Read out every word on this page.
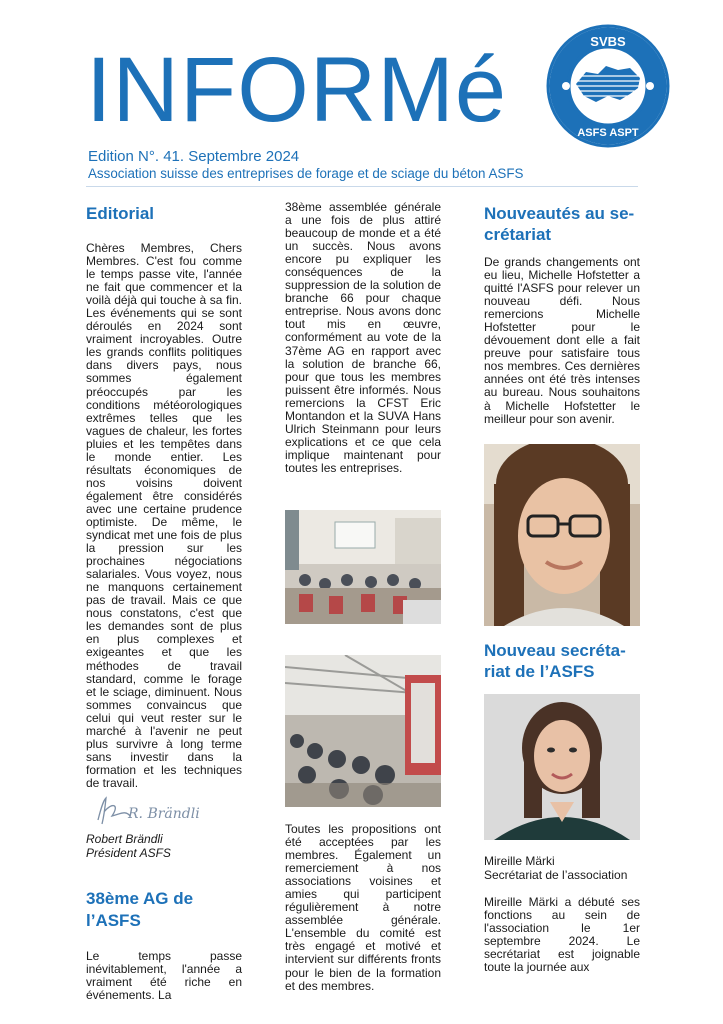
INFORMé	SVBS
ASFS ASPT
Edition N°. 41. Septembre 2024
Association suisse des entreprises de forage et de sciage du béton ASFS
Editorial

Chères Membres, Chers Membres. C'est fou comme le temps passe vite, l'année ne fait que commencer et la voilà déjà qui touche à sa fin. Les événements qui se sont déroulés en 2024 sont vraiment incroyables. Outre les grands conflits politiques dans divers pays, nous sommes également préoccupés par les conditions météorologiques extrêmes telles que les vagues de chaleur, les fortes pluies et les tempêtes dans le monde entier. Les résultats économiques de nos voisins doivent également être considérés avec une certaine prudence optimiste. De même, le syndicat met une fois de plus la pression sur les prochaines négociations salariales. Vous voyez, nous ne manquons certainement pas de travail. Mais ce que nous constatons, c'est que les demandes sont de plus en plus complexes et exigeantes et que les méthodes de travail standard, comme le forage et le sciage, diminuent. Nous sommes convaincus que celui qui veut rester sur le marché à l'avenir ne peut plus survivre à long terme sans investir dans la formation et les techniques de travail.

R. Brändli
Robert Brändli
Président ASFS
38ème AG de
l’ASFS

Le temps passe inévitablement, l'année a vraiment été riche en événements. La

38ème assemblée générale a une fois de plus attiré beaucoup de monde et a été un succès. Nous avons encore pu expliquer les conséquences de la suppression de la solution de branche 66 pour chaque entreprise. Nous avons donc tout mis en œuvre, conformément au vote de la 37ème AG en rapport avec la solution de branche 66, pour que tous les membres puissent être informés. Nous remercions la CFST Eric Montandon et la SUVA Hans Ulrich Steinmann pour leurs explications et ce que cela implique maintenant pour toutes les entreprises.

Toutes les propositions ont été acceptées par les membres. Également un remerciement à nos associations voisines et amies qui participent régulièrement à notre assemblée générale. L'ensemble du comité est très engagé et motivé et intervient sur différents fronts pour le bien de la formation et des membres.

Nouveautés au se-
crétariat

De grands changements ont eu lieu, Michelle Hofstetter a quitté l'ASFS pour relever un nouveau défi. Nous remercions Michelle Hofstetter pour le dévouement dont elle a fait preuve pour satisfaire tous nos membres. Ces dernières années ont été très intenses au bureau. Nous souhaitons à Michelle Hofstetter le meilleur pour son avenir.

Nouveau secréta-
riat de l’ASFS
Mireille Märki
Secrétariat de l’association

Mireille Märki a débuté ses fonctions au sein de l'association le 1er septembre 2024. Le secrétariat est joignable toute la journée aux
